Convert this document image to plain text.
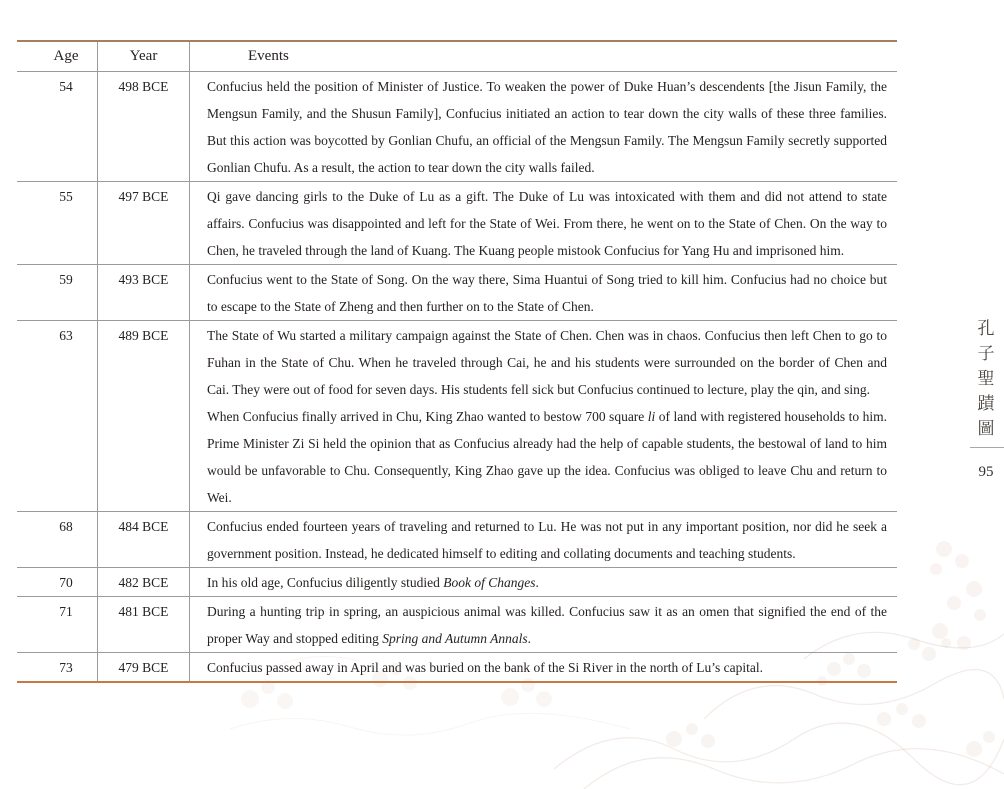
Age	Year	Events
54	498 BCE	Confucius held the position of Minister of Justice. To weaken the power of Duke Huan’s descendents [the Jisun Family, the Mengsun Family, and the Shusun Family], Confucius initiated an action to tear down the city walls of these three families. But this action was boycotted by Gonlian Chufu, an official of the Mengsun Family. The Mengsun Family secretly supported Gonlian Chufu. As a result, the action to tear down the city walls failed.

55	497 BCE	Qi gave dancing girls to the Duke of Lu as a gift. The Duke of Lu was intoxicated with them and did not attend to state affairs. Confucius was disappointed and left for the State of Wei. From there, he went on to the State of Chen. On the way to Chen, he traveled through the land of Kuang. The Kuang people mistook Confucius for Yang Hu and imprisoned him.

59	493 BCE	Confucius went to the State of Song. On the way there, Sima Huantui of Song tried to kill him. Confucius had no choice but to escape to the State of Zheng and then further on to the State of Chen.

63	489 BCE	The State of Wu started a military campaign against the State of Chen. Chen was in chaos. Confucius then left Chen to go to Fuhan in the State of Chu. When he traveled through Cai, he and his students were surrounded on the border of Chen and Cai. They were out of food for seven days. His students fell sick but Confucius continued to lecture, play the qin, and sing.

When Confucius finally arrived in Chu, King Zhao wanted to bestow 700 square li of land with registered households to him. Prime Minister Zi Si held the opinion that as Confucius already had the help of capable students, the bestowal of land to him would be unfavorable to Chu. Consequently, King Zhao gave up the idea. Confucius was obliged to leave Chu and return to Wei.

68	484 BCE	Confucius ended fourteen years of traveling and returned to Lu. He was not put in any important position, nor did he seek a government position. Instead, he dedicated himself to editing and collating documents and teaching students.

70	482 BCE	In his old age, Confucius diligently studied Book of Changes.

71	481 BCE	During a hunting trip in spring, an auspicious animal was killed. Confucius saw it as an omen that signified the end of the proper Way and stopped editing Spring and Autumn Annals.

73	479 BCE	Confucius passed away in April and was buried on the bank of the Si River in the north of Lu’s capital.

孔
子
聖
蹟
圖
95
